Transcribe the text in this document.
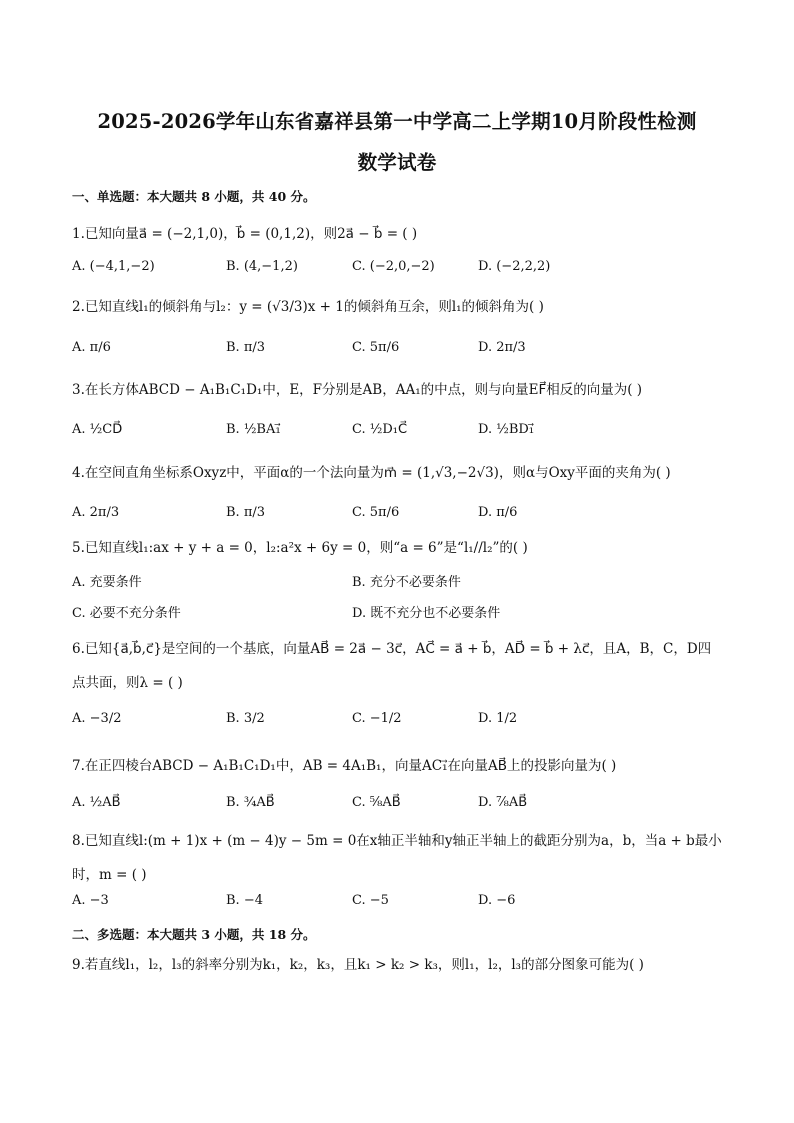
2025-2026学年山东省嘉祥县第一中学高二上学期10月阶段性检测
数学试卷
一、单选题：本大题共 8 小题，共 40 分。
1.已知向量a⃗ = (−2,1,0)，b⃗ = (0,1,2)，则2a⃗ − b⃗ = ( )
A. (−4,1,−2)	B. (4,−1,2)	C. (−2,0,−2)	D. (−2,2,2)
2.已知直线l₁的倾斜角与l₂：y = (√3/3)x + 1的倾斜角互余，则l₁的倾斜角为( )
A. π/6	B. π/3	C. 5π/6	D. 2π/3
3.在长方体ABCD − A₁B₁C₁D₁中，E，F分别是AB，AA₁的中点，则与向量EF⃗相反的向量为( )
A. ½CD⃗	B. ½BA₁⃗	C. ½D₁C⃗	D. ½BD₁⃗
4.在空间直角坐标系Oxyz中，平面α的一个法向量为m⃗ = (1,√3,−2√3)，则α与Oxy平面的夹角为( )
A. 2π/3	B. π/3	C. 5π/6	D. π/6
5.已知直线l₁:ax + y + a = 0，l₂:a²x + 6y = 0，则“a = 6”是“l₁//l₂”的( )
A. 充要条件	B. 充分不必要条件
C. 必要不充分条件	D. 既不充分也不必要条件
6.已知{a⃗,b⃗,c⃗}是空间的一个基底，向量AB⃗ = 2a⃗ − 3c⃗，AC⃗ = a⃗ + b⃗，AD⃗ = b⃗ + λc⃗，且A，B，C，D四点共面，则λ = ( )
A. −3/2	B. 3/2	C. −1/2	D. 1/2
7.在正四棱台ABCD − A₁B₁C₁D₁中，AB = 4A₁B₁，向量AC₁⃗在向量AB⃗上的投影向量为( )
A. ½AB⃗	B. ¾AB⃗	C. ⅝AB⃗	D. ⅞AB⃗
8.已知直线l:(m + 1)x + (m − 4)y − 5m = 0在x轴正半轴和y轴正半轴上的截距分别为a，b，当a + b最小时，m = ( )
A. −3	B. −4	C. −5	D. −6
二、多选题：本大题共 3 小题，共 18 分。
9.若直线l₁，l₂，l₃的斜率分别为k₁，k₂，k₃，且k₁ > k₂ > k₃，则l₁，l₂，l₃的部分图象可能为( )
